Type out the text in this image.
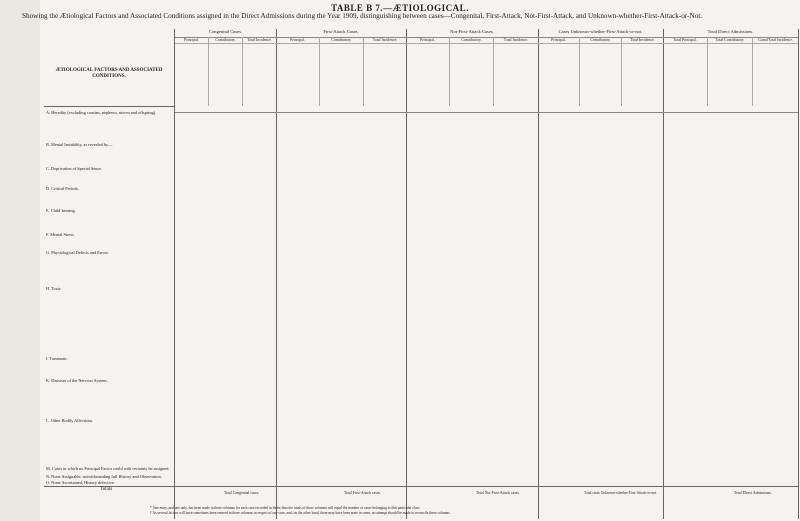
TABLE B 7.—ÆTIOLOGICAL.
Showing the Ætiological Factors and Associated Conditions assigned in the Direct Admissions during the Year 1909, distinguishing between cases—Congenital, First-Attack, Not-First-Attack, and Unknown-whether-First-Attack-or-Not.
ÆTIOLOGICAL FACTORS AND ASSOCIATED CONDITIONS.
Congenital Cases.
Principal.	Contributory.	Total Incidence.
First-Attack Cases.
Principal.	Contributory.	Total Incidence.
Not-First-Attack Cases.
Principal.	Contributory.	Total Incidence.
Cases Unknown-whether-First-Attack-or-not.
Principal.	Contributory.	Total Incidence.
Total Direct Admissions.
Total Principal.	Total Contributory.	Grand Total Incidence.
A. Heredity (excluding cousins, nephews, nieces and offspring).
B. Mental Instability, as revealed by—
C. Deprivation of Special Sense.
D. Critical Periods.
E. Child-bearing.
F. Mental Stress.
G. Physiological Defects and Errors.
H. Toxic.
I. Traumatic.
K. Diseases of the Nervous System.
L. Other Bodily Affections.
M. Cases in which no Principal Factor could with certainty be assigned.
N. None Assignable, notwithstanding full History and Observation.
O. None Ascertained, History defective.
Totals
Total Congenital cases.	Total First-Attack cases.	Total Not-First-Attack cases.	Total cases Unknown-whether-First-Attack-or-not.	Total Direct Admissions.
* One entry, and one only, has been made in these columns for each case recorded in them; thus the totals of these columns will equal the number of cases belonging to that particular class.
† As several factors will have sometimes been entered in these columns in respect of one case, and, on the other hand, there may have been none in some, no attempt should be made to reconcile these columns.
